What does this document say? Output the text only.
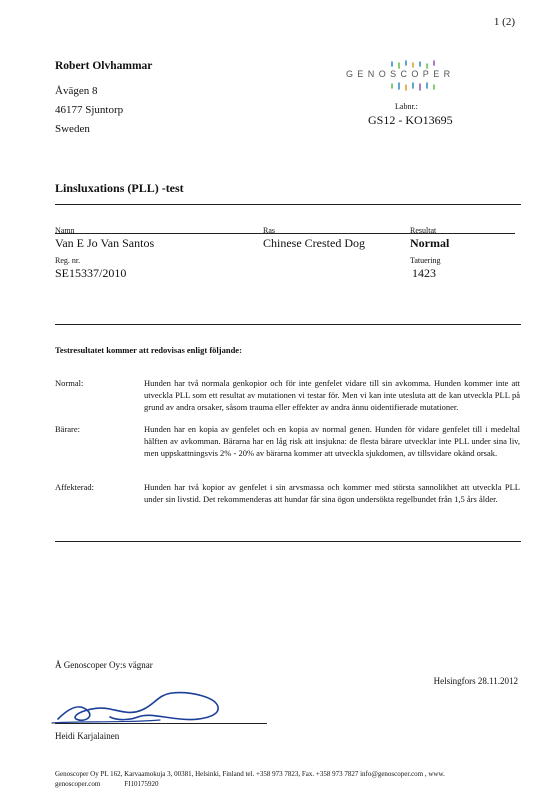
1 (2)
Robert Olvhammar
Åvägen 8
46177 Sjuntorp
Sweden
GENOSCOPER
Labnr.:
GS12 - KO13695
Linsluxations (PLL) -test
Namn
Van E Jo Van Santos
Ras
Chinese Crested Dog
Resultat
Normal
Reg. nr.
SE15337/2010
Tatuering
1423
Testresultatet kommer att redovisas enligt följande:
Normal:	Hunden har två normala genkopior och för inte genfelet vidare till sin avkomma. Hunden kommer inte att utveckla PLL som ett resultat av mutationen vi testar för. Men vi kan inte utesluta att de kan utveckla PLL på grund av andra orsaker, såsom trauma eller effekter av andra ännu oidentifierade mutationer.
Bärare:	Hunden har en kopia av genfelet och en kopia av normal genen. Hunden för vidare genfelet till i medeltal hälften av avkomman. Bärarna har en låg risk att insjukna: de flesta bärare utvecklar inte PLL under sina liv, men uppskattningsvis 2% - 20% av bärarna kommer att utveckla sjukdomen, av tillsvidare okänd orsak.
Affekterad:	Hunden har två kopior av genfelet i sin arvsmassa och kommer med största sannolikhet att utveckla PLL under sin livstid. Det rekommenderas att hundar får sina ögon undersökta regelbundet från 1,5 års ålder.
Å Genoscoper Oy:s vägnar
Helsingfors 28.11.2012
Heidi Karjalainen
Genoscoper Oy PL 162, Karvaamokuja 3, 00381, Helsinki, Finland tel. +358 973 7823, Fax. +358 973 7827 info@genoscoper.com , www.
genoscoper.com	FI10175920
